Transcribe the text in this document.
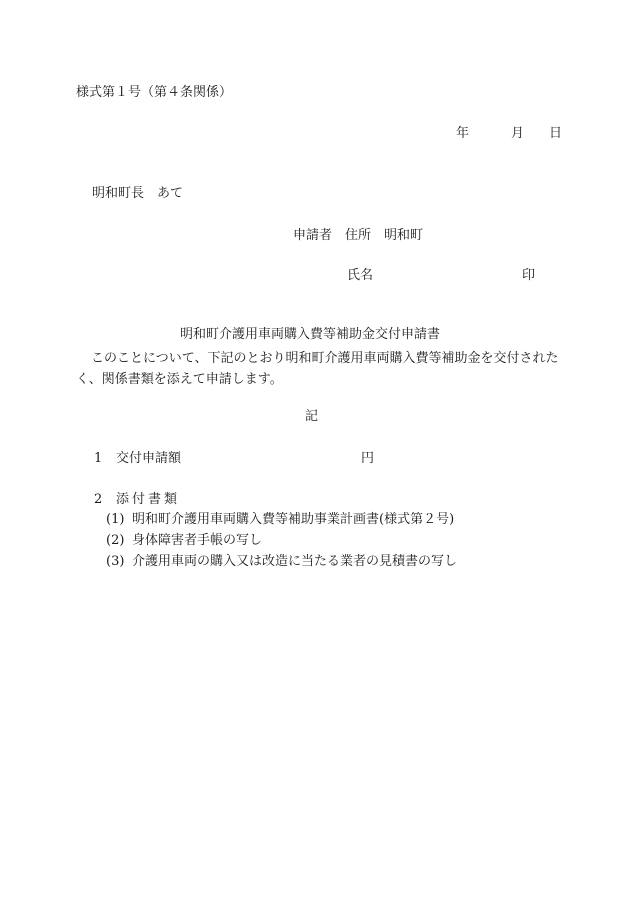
様式第１号（第４条関係）
年	月 日
明和町長　あて
申請者　住所　明和町
氏名	印
明和町介護用車両購入費等補助金交付申請書
このことについて、下記のとおり明和町介護用車両購入費等補助金を交付されたく、関係書類を添えて申請します。
記
1 交付申請額	円
2 添付書類
(1) 明和町介護用車両購入費等補助事業計画書(様式第２号)
(2) 身体障害者手帳の写し
(3) 介護用車両の購入又は改造に当たる業者の見積書の写し
